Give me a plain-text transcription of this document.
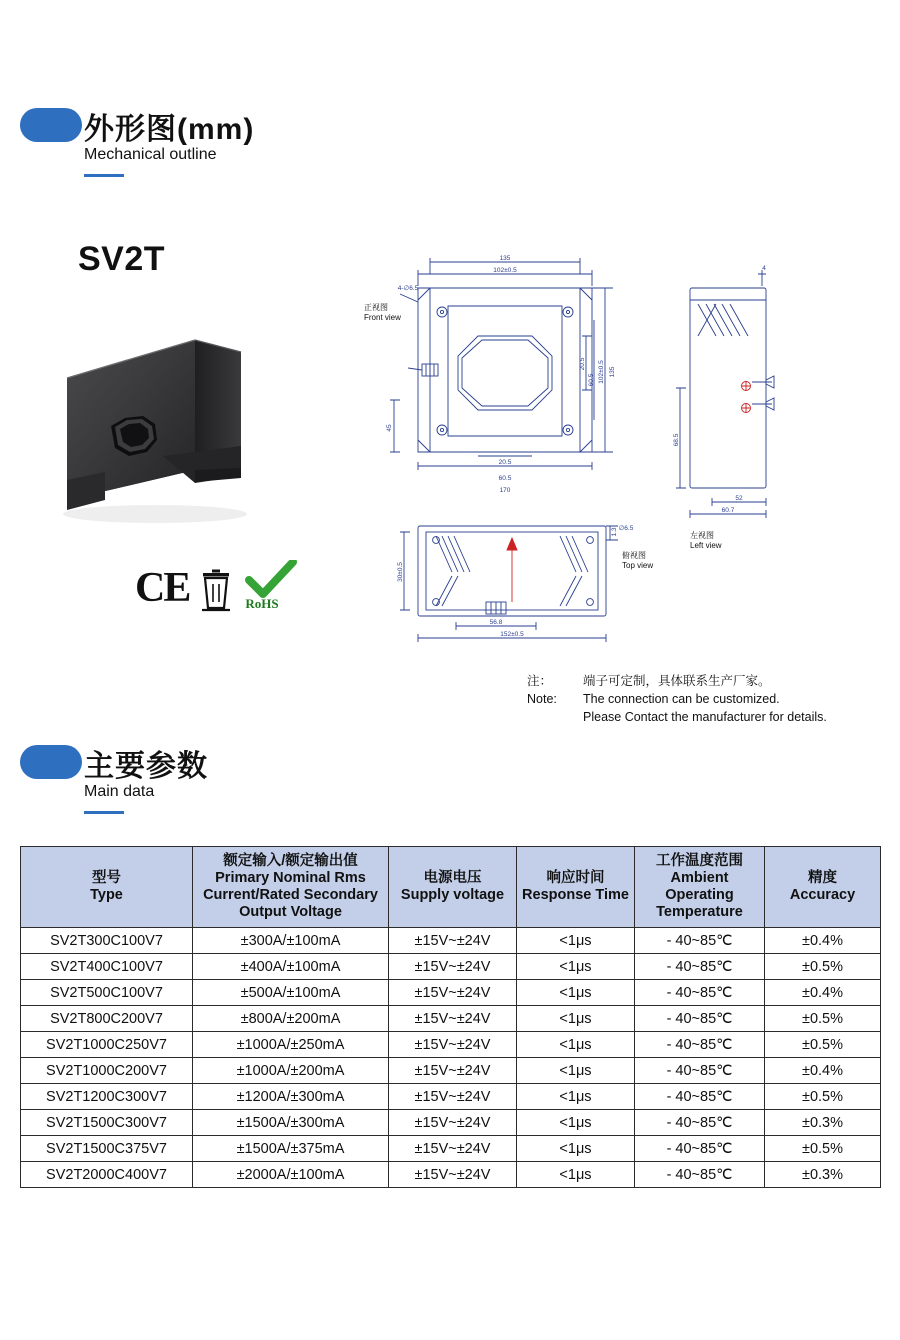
外形图(mm)
Mechanical outline
SV2T
CE	RoHS
135
102±0.5
4-∅6.5
20.5
60.5
170
45
20.5
60.5 102±0.5 135
30±0.5
56.8
152±0.5
1.3 ∅6.5
68.5
52
60.7
4
正视图
Front view
左视图
Left view
俯视图
Top view
注：	端子可定制，具体联系生产厂家。
Note:	The connection can be customized.
Please Contact the manufacturer for details.
主要参数
Main data
型号
Type

额定输入/额定输出值
Primary Nominal Rms Current/Rated Secondary Output Voltage

电源电压
Supply voltage

响应时间
Response Time

工作温度范围
Ambient Operating Temperature

精度
Accuracy

SV2T300C100V7	±300A/±100mA	±15V~±24V	<1μs	- 40~85℃	±0.4%
SV2T400C100V7	±400A/±100mA	±15V~±24V	<1μs	- 40~85℃	±0.5%
SV2T500C100V7	±500A/±100mA	±15V~±24V	<1μs	- 40~85℃	±0.4%
SV2T800C200V7	±800A/±200mA	±15V~±24V	<1μs	- 40~85℃	±0.5%
SV2T1000C250V7	±1000A/±250mA	±15V~±24V	<1μs	- 40~85℃	±0.5%
SV2T1000C200V7	±1000A/±200mA	±15V~±24V	<1μs	- 40~85℃	±0.4%
SV2T1200C300V7	±1200A/±300mA	±15V~±24V	<1μs	- 40~85℃	±0.5%
SV2T1500C300V7	±1500A/±300mA	±15V~±24V	<1μs	- 40~85℃	±0.3%
SV2T1500C375V7	±1500A/±375mA	±15V~±24V	<1μs	- 40~85℃	±0.5%
SV2T2000C400V7	±2000A/±100mA	±15V~±24V	<1μs	- 40~85℃	±0.3%
